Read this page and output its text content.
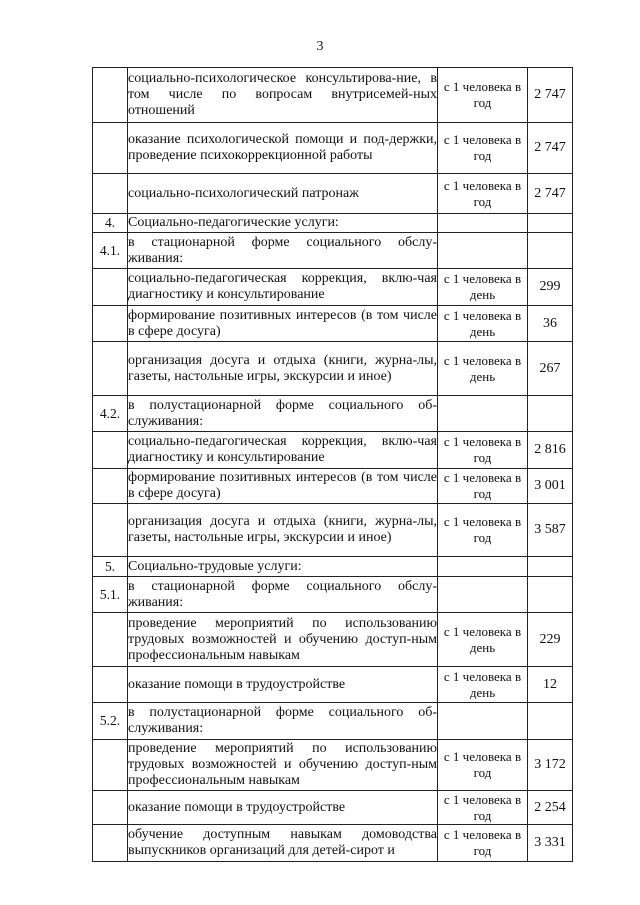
3
	социально-психологическое консультирова-ние, в том числе по вопросам внутрисемей-ных отношений	с 1 человека в год	2 747
	оказание психологической помощи и под-держки, проведение психокоррекционной работы	с 1 человека в год	2 747
	социально-психологический патронаж	с 1 человека в год	2 747
4.	Социально-педагогические услуги:		
4.1.	в стационарной форме социального обслу-живания:		
	социально-педагогическая коррекция, вклю-чая диагностику и консультирование	с 1 человека в день	299
	формирование позитивных интересов (в том числе в сфере досуга)	с 1 человека в день	36
	организация досуга и отдыха (книги, журна-лы, газеты, настольные игры, экскурсии и иное)	с 1 человека в день	267
4.2.	в полустационарной форме социального об-служивания:		
	социально-педагогическая коррекция, вклю-чая диагностику и консультирование	с 1 человека в год	2 816
	формирование позитивных интересов (в том числе в сфере досуга)	с 1 человека в год	3 001
	организация досуга и отдыха (книги, журна-лы, газеты, настольные игры, экскурсии и иное)	с 1 человека в год	3 587
5.	Социально-трудовые услуги:		
5.1.	в стационарной форме социального обслу-живания:		
	проведение мероприятий по использованию трудовых возможностей и обучению доступ-ным профессиональным навыкам	с 1 человека в день	229
	оказание помощи в трудоустройстве	с 1 человека в день	12
5.2.	в полустационарной форме социального об-служивания:		
	проведение мероприятий по использованию трудовых возможностей и обучению доступ-ным профессиональным навыкам	с 1 человека в год	3 172
	оказание помощи в трудоустройстве	с 1 человека в год	2 254
	обучение доступным навыкам домоводства выпускников организаций для детей-сирот и	с 1 человека в год	3 331
